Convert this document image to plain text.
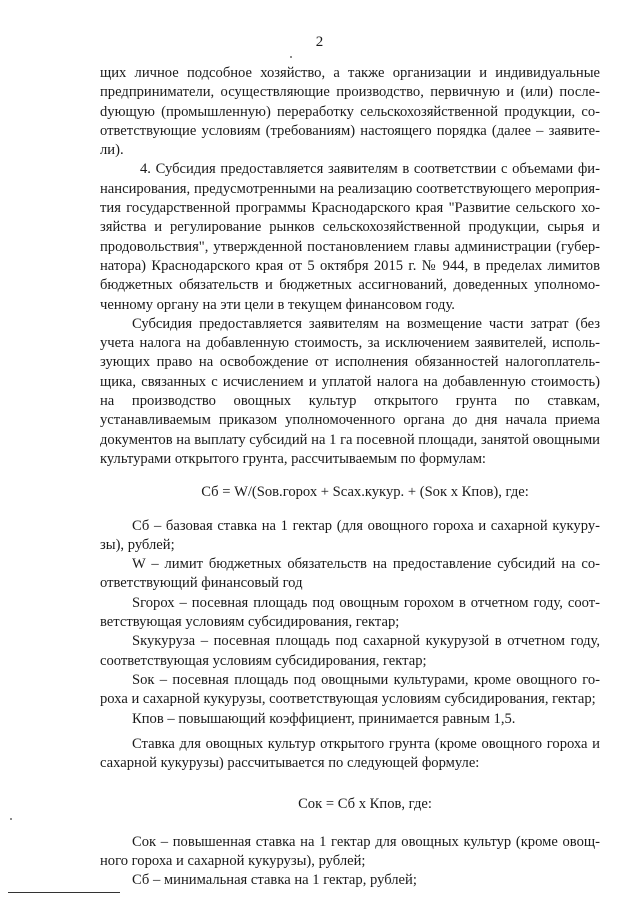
2

щих личное подсобное хозяйство, а также организации и индивидуальные предприниматели, осуществляющие производство, первичную и (или) послеdующую (промышленную) переработку сельскохозяйственной продукции, соответствующие условиям (требованиям) настоящего порядка (далее – заявители).

4. Субсидия предоставляется заявителям в соответствии с объемами финансирования, предусмотренными на реализацию соответствующего мероприятия государственной программы Краснодарского края "Развитие сельского хозяйства и регулирование рынков сельскохозяйственной продукции, сырья и продовольствия", утвержденной постановлением главы администрации (губернатора) Краснодарского края от 5 октября 2015 г. № 944, в пределах лимитов бюджетных обязательств и бюджетных ассигнований, доведенных уполномоченному органу на эти цели в текущем финансовом году.

Субсидия предоставляется заявителям на возмещение части затрат (без учета налога на добавленную стоимость, за исключением заявителей, использующих право на освобождение от исполнения обязанностей налогоплательщика, связанных с исчислением и уплатой налога на добавленную стоимость) на производство овощных культур открытого грунта по ставкам, устанавливаемым приказом уполномоченного органа до дня начала приема документов на выплату субсидий на 1 га посевной площади, занятой овощными культурами открытого грунта, рассчитываемым по формулам:

Сб = W/(Sов.горох + Sсах.кукур. + (Sок х Кпов), где:

Сб – базовая ставка на 1 гектар (для овощного гороха и сахарной кукурузы), рублей;

W – лимит бюджетных обязательств на предоставление субсидий на соответствующий финансовый год

Sгорох – посевная площадь под овощным горохом в отчетном году, соответствующая условиям субсидирования, гектар;

Sкукуруза – посевная площадь под сахарной кукурузой в отчетном году, соответствующая условиям субсидирования, гектар;

Sок – посевная площадь под овощными культурами, кроме овощного гороха и сахарной кукурузы, соответствующая условиям субсидирования, гектар;

Кпов – повышающий коэффициент, принимается равным 1,5.

Ставка для овощных культур открытого грунта (кроме овощного гороха и сахарной кукурузы) рассчитывается по следующей формуле:

Сок = Сб х Кпов, где:

Сок – повышенная ставка на 1 гектар для овощных культур (кроме овощного гороха и сахарной кукурузы), рублей;

Сб – минимальная ставка на 1 гектар, рублей;
